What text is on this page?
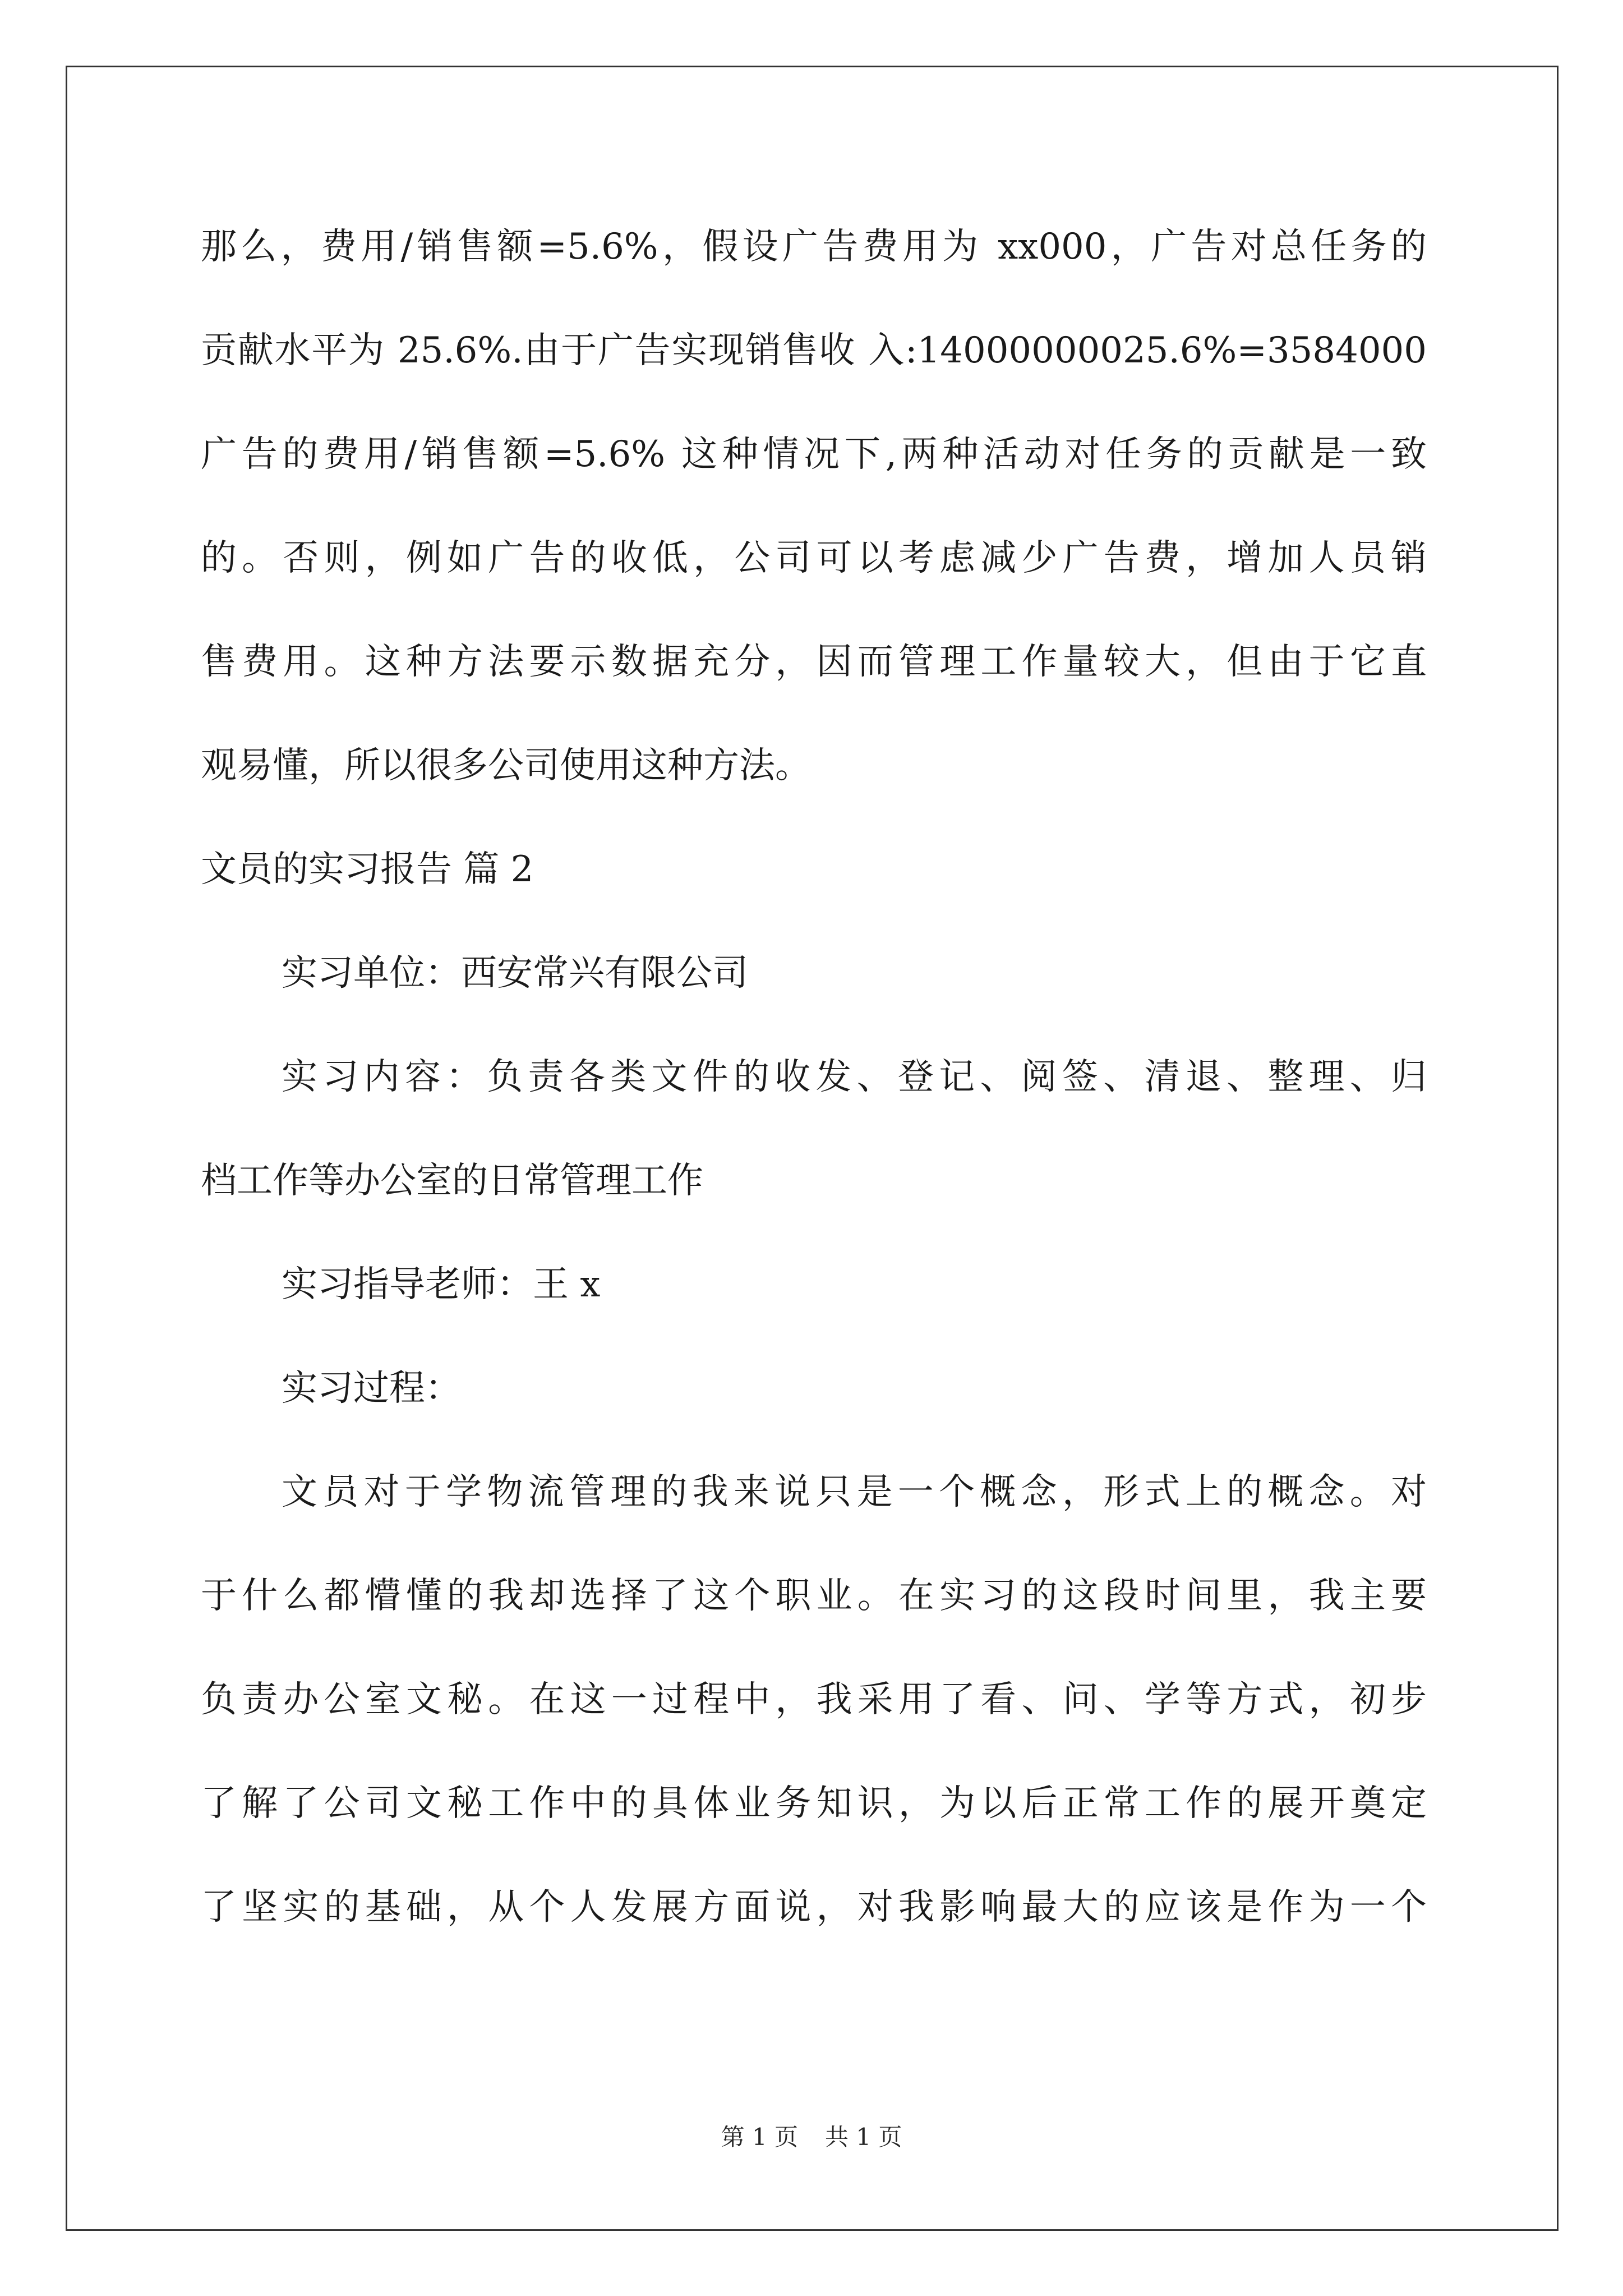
那么，费用/销售额=5.6%，假设广告费用为 xx000，广告对总任务的
贡献水平为 25.6%.由于广告实现销售收 入:14000000025.6%=3584000
广告的费用/销售额=5.6% 这种情况下,两种活动对任务的贡献是一致
的。否则，例如广告的收低，公司可以考虑减少广告费，增加人员销
售费用。这种方法要示数据充分，因而管理工作量较大，但由于它直
观易懂，所以很多公司使用这种方法。
文员的实习报告 篇 2
实习单位：西安常兴有限公司
实习内容：负责各类文件的收发、登记、阅签、清退、整理、归
档工作等办公室的日常管理工作
实习指导老师：王 x
实习过程：
文员对于学物流管理的我来说只是一个概念，形式上的概念。对
于什么都懵懂的我却选择了这个职业。在实习的这段时间里，我主要
负责办公室文秘。在这一过程中，我采用了看、问、学等方式，初步
了解了公司文秘工作中的具体业务知识，为以后正常工作的展开奠定
了坚实的基础，从个人发展方面说，对我影响最大的应该是作为一个
第 1 页 共 1 页
